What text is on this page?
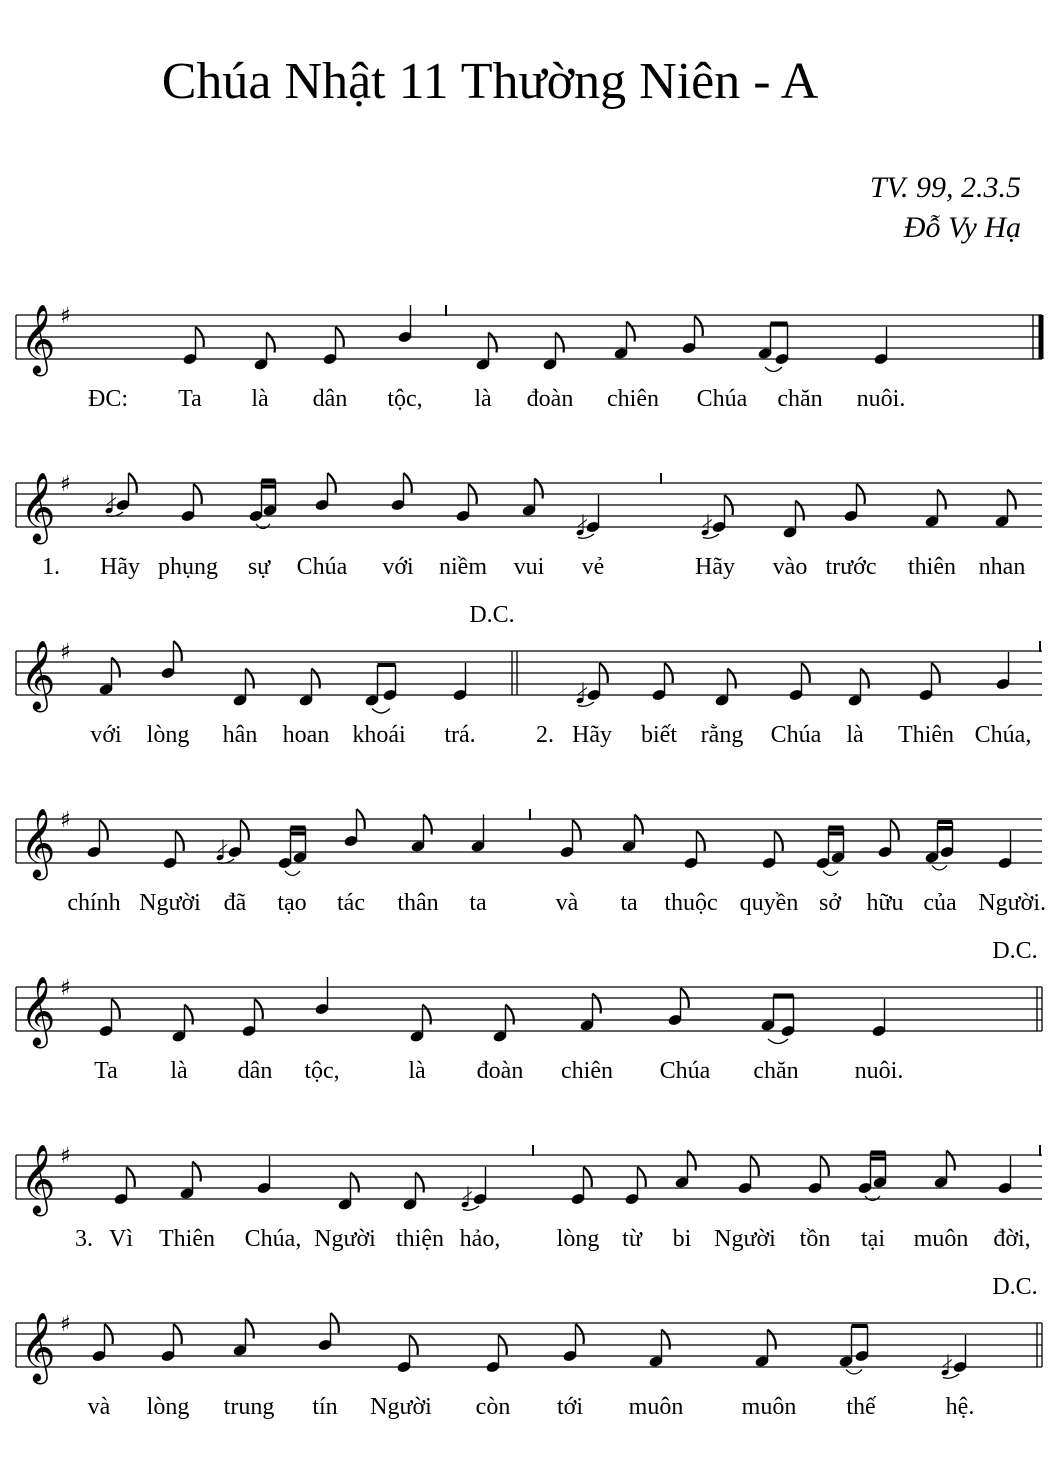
Chúa Nhật 11 Thường Niên - A
TV. 99, 2.3.5
Đỗ Vy Hạ
𝄞 ♯
ĐC: Ta là dân tộc, là đoàn chiên Chúa chăn nuôi.
𝄞 ♯
1. Hãy phụng sự Chúa với niềm vui vẻ	Hãy vào trước thiên nhan
𝄞 ♯
D.C.
với lòng hân hoan khoái trá.	2. Hãy biết rằng Chúa là Thiên Chúa,
𝄞 ♯
chính Người đã tạo tác thân ta	và ta thuộc quyền sở hữu của Người.
𝄞 ♯
D.C.
Ta là dân tộc,	là đoàn chiên Chúa chăn nuôi.
𝄞 ♯
3. Vì Thiên Chúa, Người thiện hảo, lòng từ bi Người tồn tại muôn đời,
𝄞 ♯
D.C.
và lòng trung tín Người còn tới muôn muôn thế	hệ.
